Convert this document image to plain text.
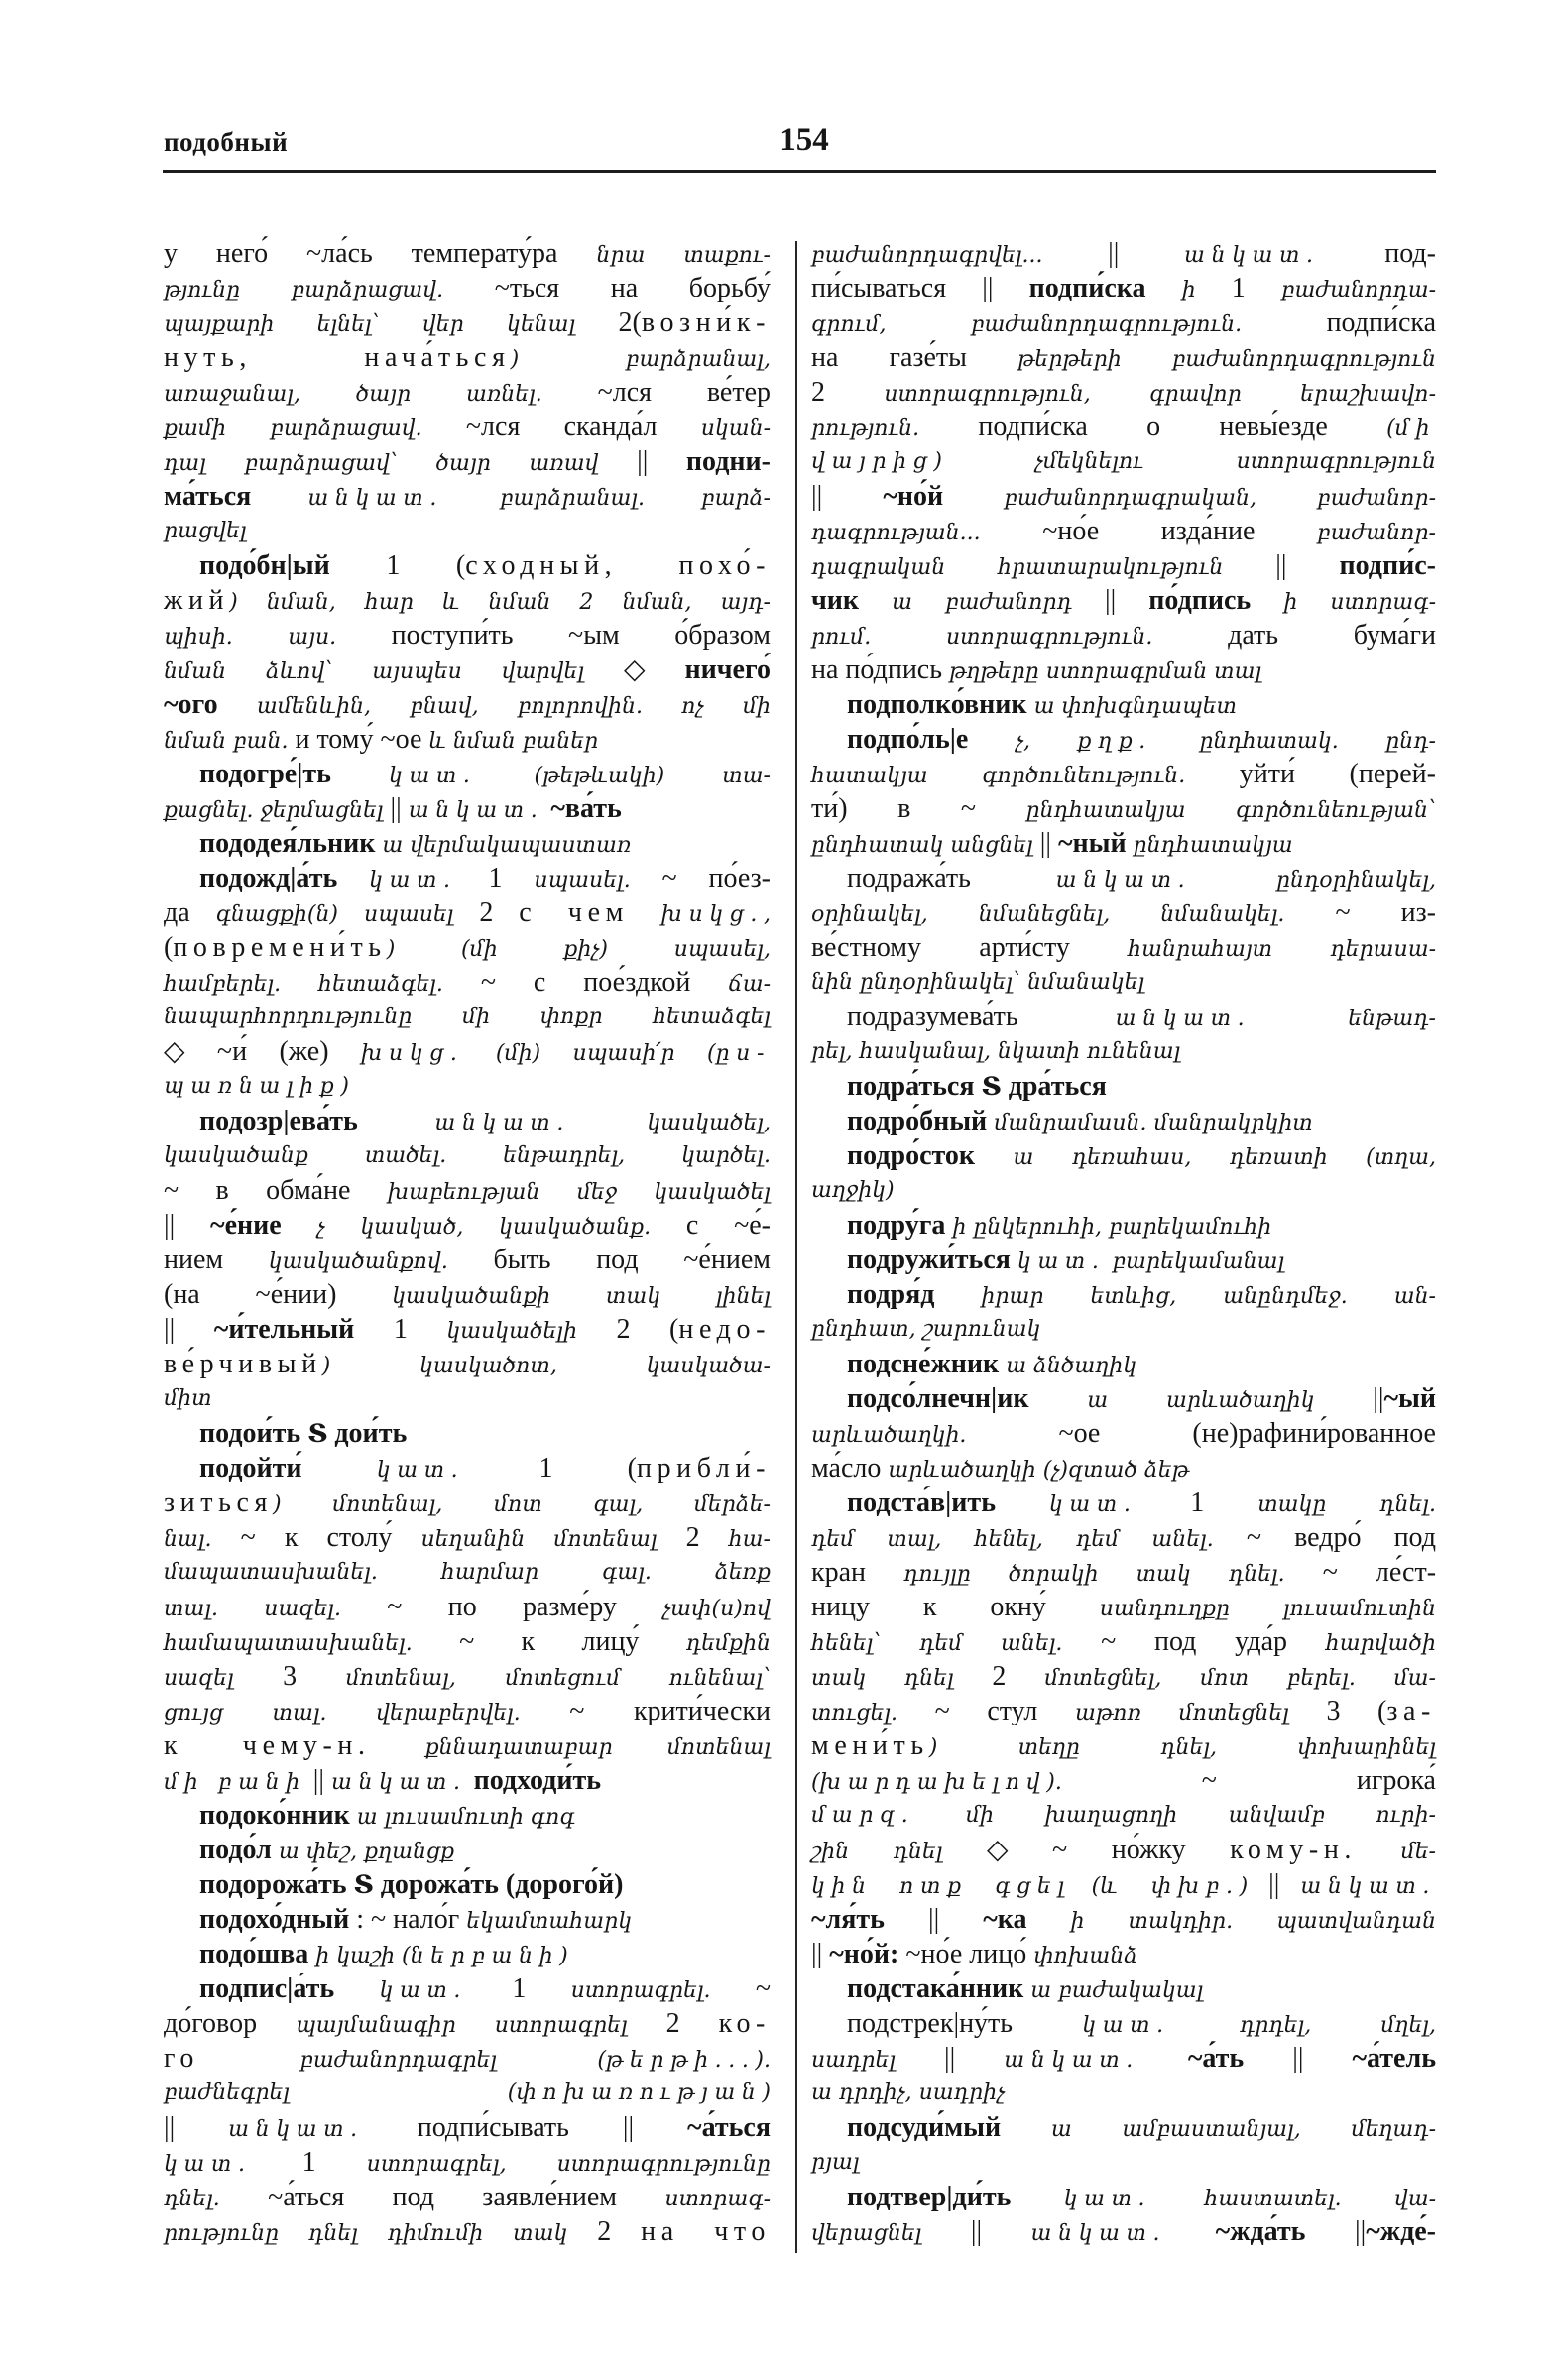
подобный	154
у него́ ~ла́сь температу́ра նրա տաքու-
թյունը բարձրացավ. ~ться на борьбу́
պայքարի ելնել՝ վեր կենալ 2(возни́к-
нуть, нача́ться) բարձրանալ,
առաջանալ, ծայր առնել. ~лся ве́тер
քամի բարձրացավ. ~лся сканда́л սկան-
դալ բարձրացավ՝ ծայր առավ || подни-
ма́ться անկատ. բարձրանալ. բարձ-
րացվել
подо́бн|ый 1 (сходный, похо́-
жий) նման, հար և նման 2 նման, այդ-
պիսի. այս. поступи́ть ~ым о́бразом
նման ձևով՝ այսպես վարվել ◇ ничего́
~ого ամենևին, բնավ, բոլորովին. ոչ մի
նման բան. и тому́ ~ое և նման բաներ
подогре́|ть կատ. (թեթևակի) տա-
քացնել. ջերմացնել || անկատ. ~ва́ть
пододея́льник ա վերմակապաստառ
подожд|а́ть կատ. 1 սպասել. ~ по́ез-
да գնացքի(ն) սպասել 2 с чем խսկց.,
(повремени́ть) (մի քիչ) սպասել,
համբերել. հետաձգել. ~ с пое́здкой ճա-
նապարհորդությունը մի փոքր հետաձգել
◇ ~и́ (же) խսկց. (մի) սպասի՛ր (ըս-
պառնալիք)
подозр|ева́ть անկատ. կասկածել,
կասկածանք տածել. ենթադրել, կարծել.
~ в обма́не խաբեության մեջ կասկածել
|| ~е́ние չ կասկած, կասկածանք. с ~е́-
нием կասկածանքով. быть под ~е́нием
(на ~е́нии) կասկածանքի տակ լինել
|| ~и́тельный 1 կասկածելի 2 (недо-
ве́рчивый) կասկածոտ, կասկածա-
միտ
подои́ть Տ дои́ть
подойти́ կատ. 1 (прибли́-
зиться) մոտենալ, մոտ գալ, մերձե-
նալ. ~ к столу́ սեղանին մոտենալ 2 հա-
մապատասխանել. հարմար գալ. ձեռք
տալ. սազել. ~ по разме́ру չափ(ս)ով
համապատասխանել. ~ к лицу́ դեմքին
սազել 3 մոտենալ, մոտեցում ունենալ՝
ցույց տալ. վերաբերվել. ~ крити́чески
к чему-н. քննադատաբար մոտենալ
մի բանի || անկատ. подходи́ть
подоко́нник ա լուսամուտի գոգ
подо́л ա փեշ, քղանցք
подорожа́ть Տ дорожа́ть (дорого́й)
подохо́дный : ~ нало́г եկամտահարկ
подо́шва ի կաշի (ներբանի)
подпис|а́ть կատ. 1 ստորագրել. ~
до́говор պայմանագիր ստորագրել 2 ко-
го բաժանորդագրել (թերթի...).
բաժնեգրել (փոխառության)
|| անկատ. подпи́сывать || ~а́ться
կատ. 1 ստորագրել, ստորագրությունը
դնել. ~а́ться под заявле́нием ստորագ-
րությունը դնել դիմումի տակ 2 на что
բաժանորդագրվել... || անկատ. под-
пи́сываться || подпи́ска ի 1 բաժանորդա-
գրում, բաժանորդագրություն. подпи́ска
на газе́ты թերթերի բաժանորդագրություն
2 ստորագրություն, գրավոր երաշխավո-
րություն. подпи́ска о невы́езде (մի
վայրից) չմեկնելու ստորագրություն
|| ~но́й բաժանորդագրական, բաժանոր-
դագրության... ~но́е изда́ние բաժանոր-
դագրական հրատարակություն || подпи́с-
чик ա բաժանորդ || по́дпись ի ստորագ-
րում. ստորագրություն. дать бума́ги
на по́дпись թղթերը ստորագրման տալ
подполко́вник ա փոխգնդապետ
подпо́ль|е չ, քղք. ընդհատակ. ընդ-
հատակյա գործունեություն. уйти́ (перей-
ти́) в ~ ընդհատակյա գործունեության՝
ընդհատակ անցնել || ~ный ընդհատակյա
подража́ть անկատ. ընդօրինակել,
օրինակել, նմանեցնել, նմանակել. ~ из-
ве́стному арти́сту հանրահայտ դերասա-
նին ընդօրինակել՝ նմանակել
подразумева́ть անկատ. ենթադ-
րել, հասկանալ, նկատի ունենալ
подра́ться Տ дра́ться
подро́бный մանրամասն. մանրակրկիտ
подро́сток ա դեռահաս, դեռատի (տղա,
աղջիկ)
подру́га ի ընկերուհի, բարեկամուհի
подружи́ться կատ. բարեկամանալ
подря́д իրար ետևից, անընդմեջ. ան-
ընդհատ, շարունակ
подсне́жник ա ձնծաղիկ
подсо́лнечн|ик ա արևածաղիկ ||~ый
արևածաղկի. ~ое (не)рафини́рованное
ма́сло արևածաղկի (չ)զտած ձեթ
подста́в|ить կատ. 1 տակը դնել.
դեմ տալ, հենել, դեմ անել. ~ ведро́ под
кран դույլը ծորակի տակ դնել. ~ ле́ст-
ницу к окну́ սանդուղքը լուսամուտին
հենել՝ դեմ անել. ~ под уда́р հարվածի
տակ դնել 2 մոտեցնել, մոտ բերել. մա-
տուցել. ~ стул աթոռ մոտեցնել 3 (за-
мени́ть) տեղը դնել, փոխարինել
(խարդախելով). ~ игрока́
մարզ. մի խաղացողի անվամբ ուրի-
շին դնել ◇ ~ но́жку кому-н. մե-
կին ոտք գցել (և փխբ.) || անկատ.
~ля́ть || ~ка ի տակդիր. պատվանդան
|| ~но́й: ~но́е лицо́ փոխանձ
подстака́нник ա բաժակակալ
подстрек|ну́ть կատ. դրդել, մղել,
սադրել || անկատ. ~а́ть || ~а́тель
ա դրդիչ, սադրիչ
подсуди́мый ա ամբաստանյալ, մեղադ-
րյալ
подтвер|ди́ть կատ. հաստատել. վա-
վերացնել || անկատ. ~жда́ть ||~жде́-
